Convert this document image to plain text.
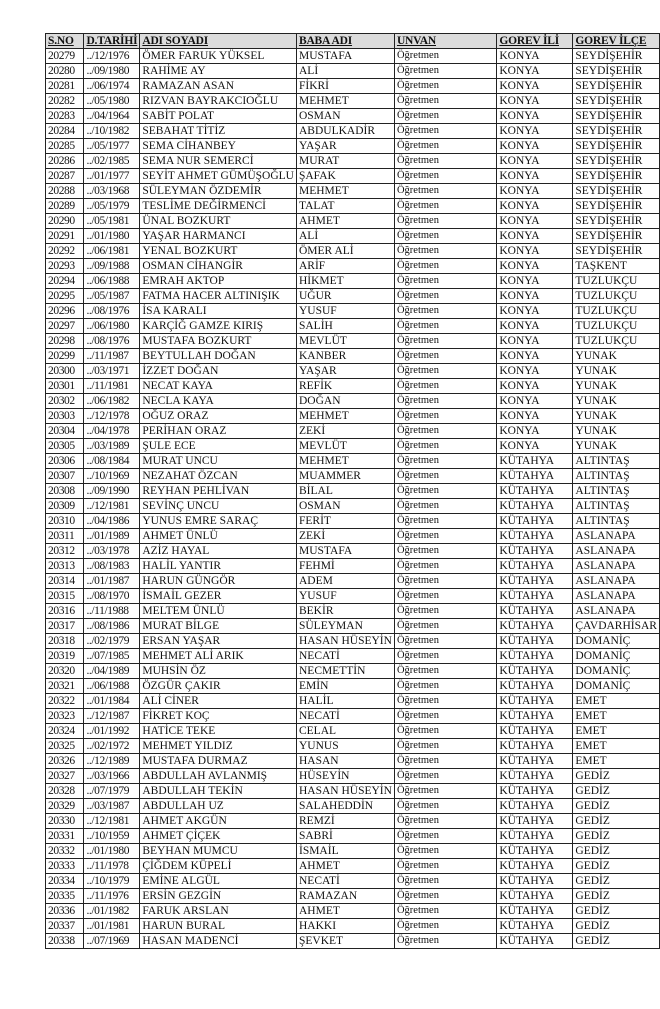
S.NO	D.TARİHİ	ADI SOYADI	BABA ADI	UNVAN	GOREV İLİ	GOREV İLÇE
20279	../12/1976	ÖMER FARUK YÜKSEL	MUSTAFA	Öğretmen	KONYA	SEYDİŞEHİR
20280	../09/1980	RAHİME AY	ALİ	Öğretmen	KONYA	SEYDİŞEHİR
20281	../06/1974	RAMAZAN ASAN	FİKRİ	Öğretmen	KONYA	SEYDİŞEHİR
20282	../05/1980	RIZVAN BAYRAKCIOĞLU	MEHMET	Öğretmen	KONYA	SEYDİŞEHİR
20283	../04/1964	SABİT POLAT	OSMAN	Öğretmen	KONYA	SEYDİŞEHİR
20284	../10/1982	SEBAHAT TİTİZ	ABDULKADİR	Öğretmen	KONYA	SEYDİŞEHİR
20285	../05/1977	SEMA CİHANBEY	YAŞAR	Öğretmen	KONYA	SEYDİŞEHİR
20286	../02/1985	SEMA NUR SEMERCİ	MURAT	Öğretmen	KONYA	SEYDİŞEHİR
20287	../01/1977	SEYİT AHMET GÜMÜŞOĞLU	ŞAFAK	Öğretmen	KONYA	SEYDİŞEHİR
20288	../03/1968	SÜLEYMAN ÖZDEMİR	MEHMET	Öğretmen	KONYA	SEYDİŞEHİR
20289	../05/1979	TESLİME DEĞİRMENCİ	TALAT	Öğretmen	KONYA	SEYDİŞEHİR
20290	../05/1981	ÜNAL BOZKURT	AHMET	Öğretmen	KONYA	SEYDİŞEHİR
20291	../01/1980	YAŞAR HARMANCI	ALİ	Öğretmen	KONYA	SEYDİŞEHİR
20292	../06/1981	YENAL BOZKURT	ÖMER ALİ	Öğretmen	KONYA	SEYDİŞEHİR
20293	../09/1988	OSMAN CİHANGİR	ARİF	Öğretmen	KONYA	TAŞKENT
20294	../06/1988	EMRAH AKTOP	HİKMET	Öğretmen	KONYA	TUZLUKÇU
20295	../05/1987	FATMA HACER ALTINIŞIK	UĞUR	Öğretmen	KONYA	TUZLUKÇU
20296	../08/1976	İSA KARALI	YUSUF	Öğretmen	KONYA	TUZLUKÇU
20297	../06/1980	KARÇİĞ GAMZE KIRIŞ	SALİH	Öğretmen	KONYA	TUZLUKÇU
20298	../08/1976	MUSTAFA BOZKURT	MEVLÜT	Öğretmen	KONYA	TUZLUKÇU
20299	../11/1987	BEYTULLAH DOĞAN	KANBER	Öğretmen	KONYA	YUNAK
20300	../03/1971	İZZET DOĞAN	YAŞAR	Öğretmen	KONYA	YUNAK
20301	../11/1981	NECAT KAYA	REFİK	Öğretmen	KONYA	YUNAK
20302	../06/1982	NECLA KAYA	DOĞAN	Öğretmen	KONYA	YUNAK
20303	../12/1978	OĞUZ ORAZ	MEHMET	Öğretmen	KONYA	YUNAK
20304	../04/1978	PERİHAN ORAZ	ZEKİ	Öğretmen	KONYA	YUNAK
20305	../03/1989	ŞULE ECE	MEVLÜT	Öğretmen	KONYA	YUNAK
20306	../08/1984	MURAT UNCU	MEHMET	Öğretmen	KÜTAHYA	ALTINTAŞ
20307	../10/1969	NEZAHAT ÖZCAN	MUAMMER	Öğretmen	KÜTAHYA	ALTINTAŞ
20308	../09/1990	REYHAN PEHLİVAN	BİLAL	Öğretmen	KÜTAHYA	ALTINTAŞ
20309	../12/1981	SEVİNÇ UNCU	OSMAN	Öğretmen	KÜTAHYA	ALTINTAŞ
20310	../04/1986	YUNUS EMRE SARAÇ	FERİT	Öğretmen	KÜTAHYA	ALTINTAŞ
20311	../01/1989	AHMET ÜNLÜ	ZEKİ	Öğretmen	KÜTAHYA	ASLANAPA
20312	../03/1978	AZİZ HAYAL	MUSTAFA	Öğretmen	KÜTAHYA	ASLANAPA
20313	../08/1983	HALİL YANTIR	FEHMİ	Öğretmen	KÜTAHYA	ASLANAPA
20314	../01/1987	HARUN GÜNGÖR	ADEM	Öğretmen	KÜTAHYA	ASLANAPA
20315	../08/1970	İSMAİL GEZER	YUSUF	Öğretmen	KÜTAHYA	ASLANAPA
20316	../11/1988	MELTEM ÜNLÜ	BEKİR	Öğretmen	KÜTAHYA	ASLANAPA
20317	../08/1986	MURAT BİLGE	SÜLEYMAN	Öğretmen	KÜTAHYA	ÇAVDARHİSAR
20318	../02/1979	ERSAN YAŞAR	HASAN HÜSEYİN	Öğretmen	KÜTAHYA	DOMANİÇ
20319	../07/1985	MEHMET ALİ ARIK	NECATİ	Öğretmen	KÜTAHYA	DOMANİÇ
20320	../04/1989	MUHSİN ÖZ	NECMETTİN	Öğretmen	KÜTAHYA	DOMANİÇ
20321	../06/1988	ÖZGÜR ÇAKIR	EMİN	Öğretmen	KÜTAHYA	DOMANİÇ
20322	../01/1984	ALİ CİNER	HALİL	Öğretmen	KÜTAHYA	EMET
20323	../12/1987	FİKRET KOÇ	NECATİ	Öğretmen	KÜTAHYA	EMET
20324	../01/1992	HATİCE TEKE	CELAL	Öğretmen	KÜTAHYA	EMET
20325	../02/1972	MEHMET YILDIZ	YUNUS	Öğretmen	KÜTAHYA	EMET
20326	../12/1989	MUSTAFA DURMAZ	HASAN	Öğretmen	KÜTAHYA	EMET
20327	../03/1966	ABDULLAH AVLANMIŞ	HÜSEYİN	Öğretmen	KÜTAHYA	GEDİZ
20328	../07/1979	ABDULLAH TEKİN	HASAN HÜSEYİN	Öğretmen	KÜTAHYA	GEDİZ
20329	../03/1987	ABDULLAH UZ	SALAHEDDİN	Öğretmen	KÜTAHYA	GEDİZ
20330	../12/1981	AHMET AKGÜN	REMZİ	Öğretmen	KÜTAHYA	GEDİZ
20331	../10/1959	AHMET ÇİÇEK	SABRİ	Öğretmen	KÜTAHYA	GEDİZ
20332	../01/1980	BEYHAN MUMCU	İSMAİL	Öğretmen	KÜTAHYA	GEDİZ
20333	../11/1978	ÇİĞDEM KÜPELİ	AHMET	Öğretmen	KÜTAHYA	GEDİZ
20334	../10/1979	EMİNE ALGÜL	NECATİ	Öğretmen	KÜTAHYA	GEDİZ
20335	../11/1976	ERSİN GEZGİN	RAMAZAN	Öğretmen	KÜTAHYA	GEDİZ
20336	../01/1982	FARUK ARSLAN	AHMET	Öğretmen	KÜTAHYA	GEDİZ
20337	../01/1981	HARUN BURAL	HAKKI	Öğretmen	KÜTAHYA	GEDİZ
20338	../07/1969	HASAN MADENCİ	ŞEVKET	Öğretmen	KÜTAHYA	GEDİZ
